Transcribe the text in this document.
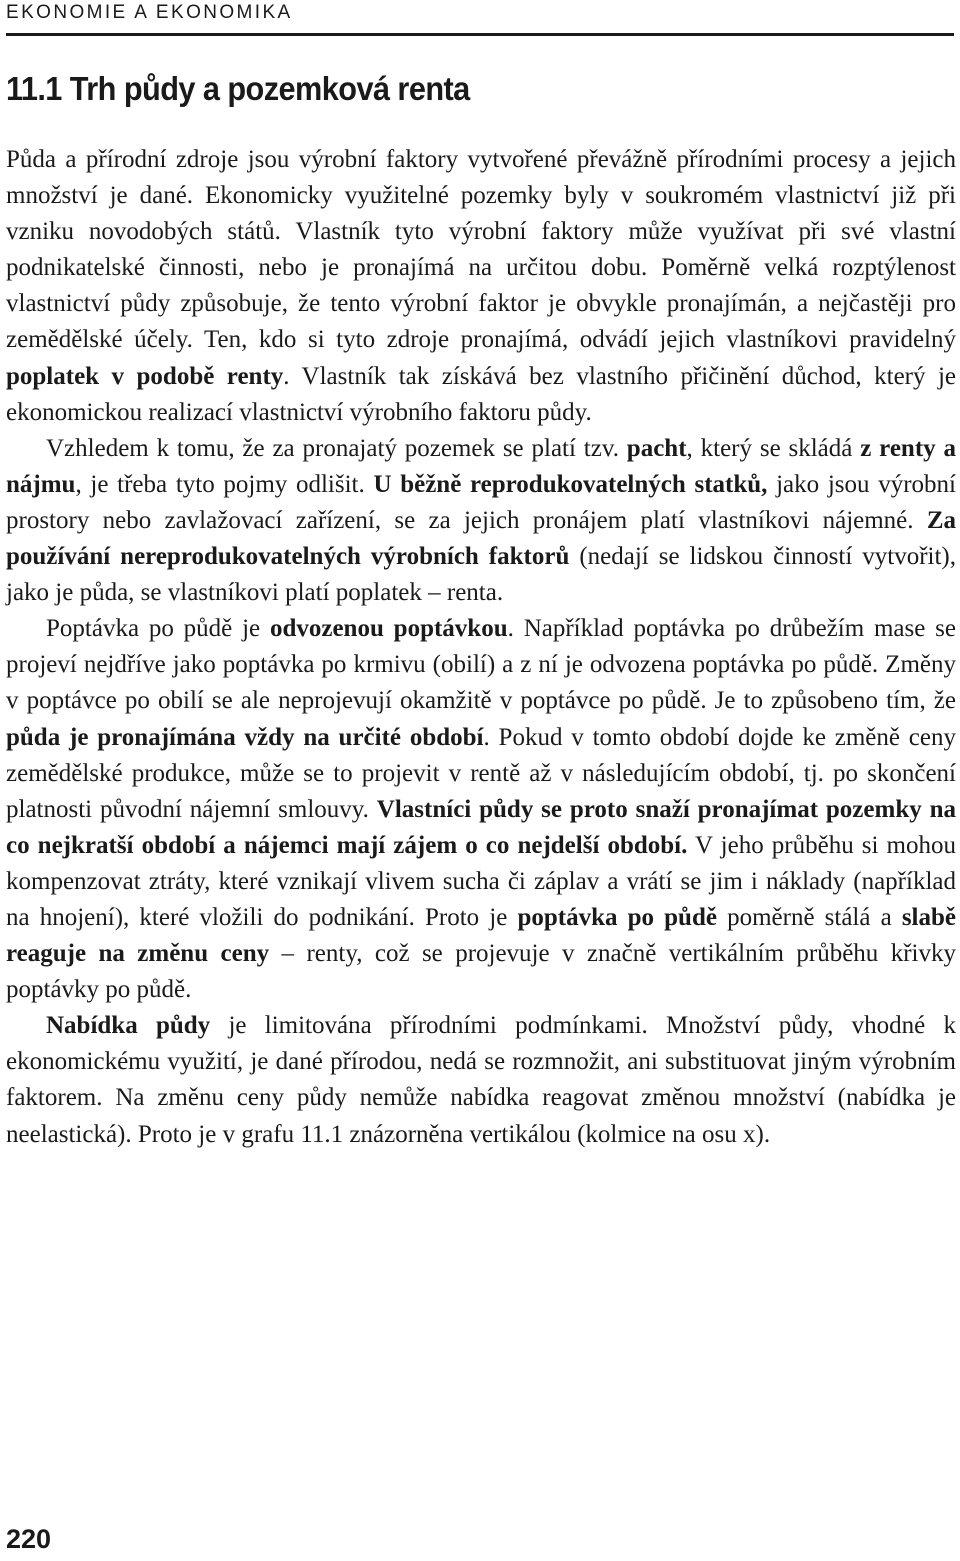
EKONOMIE A EKONOMIKA
11.1 Trh půdy a pozemková renta

Půda a přírodní zdroje jsou výrobní faktory vytvořené převážně přírodními procesy a jejich množství je dané. Ekonomicky využitelné pozemky byly v soukromém vlastnictví již při vzniku novodobých států. Vlastník tyto výrobní faktory může využívat při své vlastní podnikatelské činnosti, nebo je pronajímá na určitou dobu. Poměrně velká rozptýlenost vlastnictví půdy způsobuje, že tento výrobní faktor je obvykle pronajímán, a nejčastěji pro zemědělské účely. Ten, kdo si tyto zdroje pronajímá, odvádí jejich vlastníkovi pravidelný poplatek v podobě renty. Vlastník tak získává bez vlastního přičinění důchod, který je ekonomickou realizací vlastnictví výrobního faktoru půdy.

Vzhledem k tomu, že za pronajatý pozemek se platí tzv. pacht, který se skládá z renty a nájmu, je třeba tyto pojmy odlišit. U běžně reprodukovatelných statků, jako jsou výrobní prostory nebo zavlažovací zařízení, se za jejich pronájem platí vlastníkovi nájemné. Za používání nereprodukovatelných výrobních faktorů (nedají se lidskou činností vytvořit), jako je půda, se vlastníkovi platí poplatek – renta.

Poptávka po půdě je odvozenou poptávkou. Například poptávka po drůbežím mase se projeví nejdříve jako poptávka po krmivu (obilí) a z ní je odvozena poptávka po půdě. Změny v poptávce po obilí se ale neprojevují okamžitě v poptávce po půdě. Je to způsobeno tím, že půda je pronajímána vždy na určité období. Pokud v tomto období dojde ke změně ceny zemědělské produkce, může se to projevit v rentě až v následujícím období, tj. po skončení platnosti původní nájemní smlouvy. Vlastníci půdy se proto snaží pronajímat pozemky na co nejkratší období a nájemci mají zájem o co nejdelší období. V jeho průběhu si mohou kompenzovat ztráty, které vznikají vlivem sucha či záplav a vrátí se jim i náklady (například na hnojení), které vložili do podnikání. Proto je poptávka po půdě poměrně stálá a slabě reaguje na změnu ceny – renty, což se projevuje v značně vertikálním průběhu křivky poptávky po půdě.

Nabídka půdy je limitována přírodními podmínkami. Množství půdy, vhodné k ekonomickému využití, je dané přírodou, nedá se rozmnožit, ani substituovat jiným výrobním faktorem. Na změnu ceny půdy nemůže nabídka reagovat změnou množství (nabídka je neelastická). Proto je v grafu 11.1 znázorněna vertikálou (kolmice na osu x).

220
